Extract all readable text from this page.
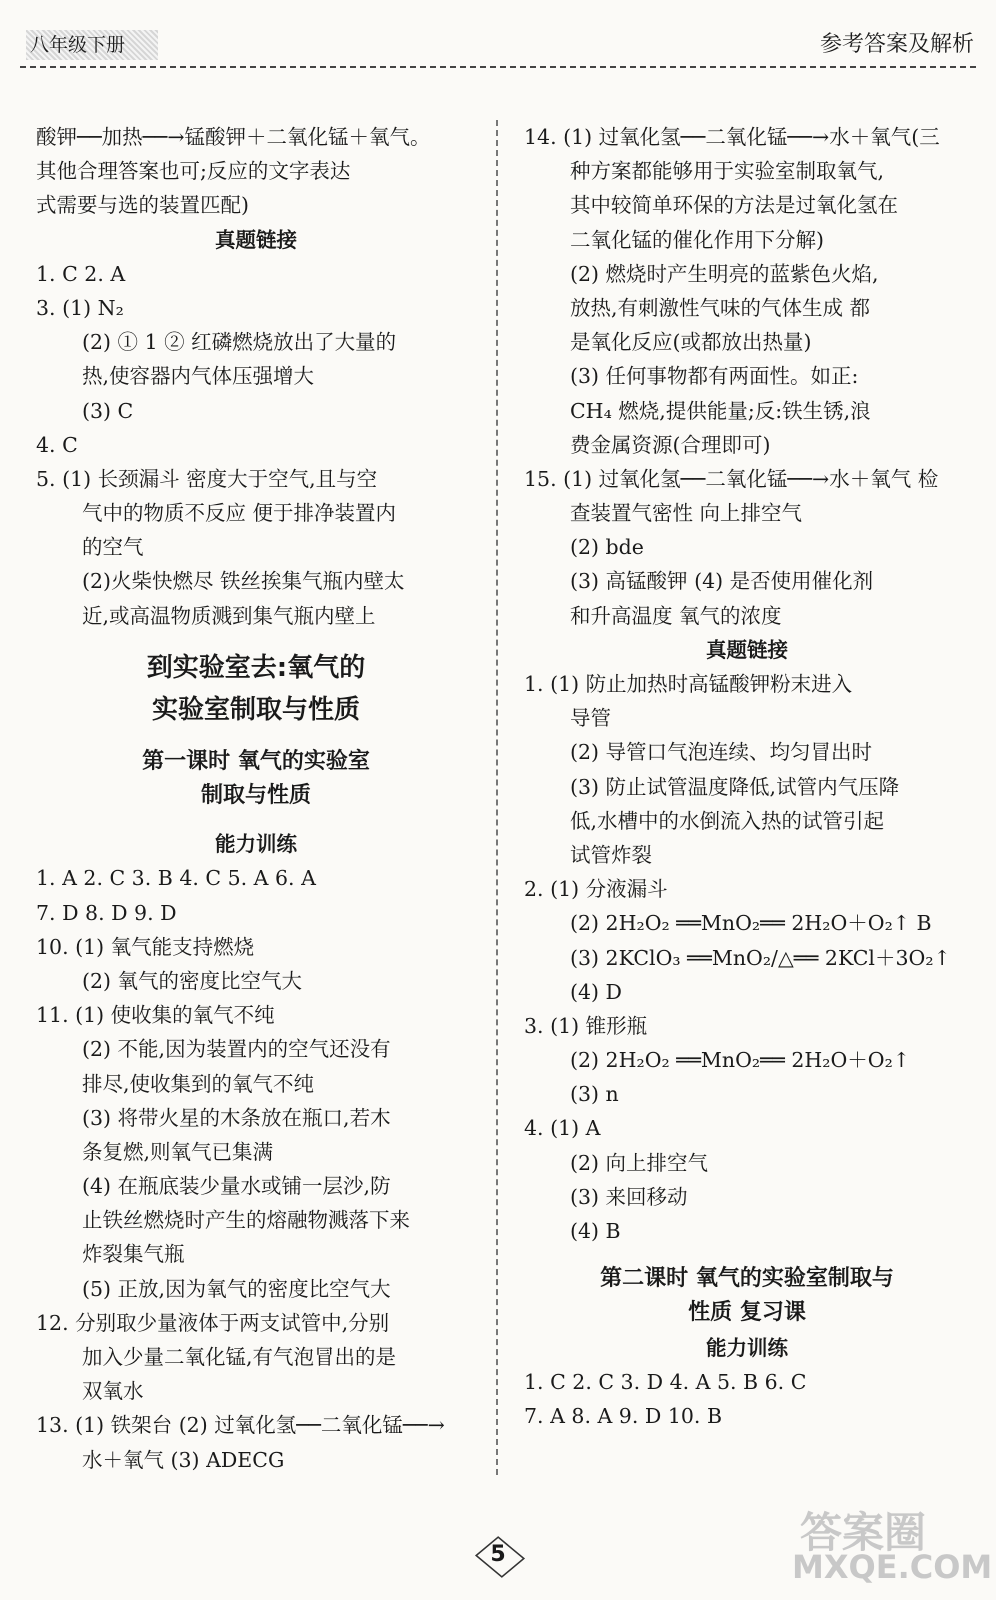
八年级下册	参考答案及解析
酸钾──加热──→锰酸钾＋二氧化锰＋氧气。
其他合理答案也可;反应的文字表达
式需要与选的装置匹配)
真题链接
1. C 2. A
3. (1) N₂
(2) ① 1 ② 红磷燃烧放出了大量的
热,使容器内气体压强增大
(3) C
4. C
5. (1) 长颈漏斗 密度大于空气,且与空
气中的物质不反应 便于排净装置内
的空气
(2)火柴快燃尽 铁丝挨集气瓶内壁太
近,或高温物质溅到集气瓶内壁上
到实验室去:氧气的
实验室制取与性质
第一课时 氧气的实验室
制取与性质
能力训练
1. A 2. C 3. B 4. C 5. A 6. A
7. D 8. D 9. D
10. (1) 氧气能支持燃烧
(2) 氧气的密度比空气大
11. (1) 使收集的氧气不纯
(2) 不能,因为装置内的空气还没有
排尽,使收集到的氧气不纯
(3) 将带火星的木条放在瓶口,若木
条复燃,则氧气已集满
(4) 在瓶底装少量水或铺一层沙,防
止铁丝燃烧时产生的熔融物溅落下来
炸裂集气瓶
(5) 正放,因为氧气的密度比空气大
12. 分别取少量液体于两支试管中,分别
加入少量二氧化锰,有气泡冒出的是
双氧水
13. (1) 铁架台 (2) 过氧化氢──二氧化锰──→
水＋氧气 (3) ADECG
14. (1) 过氧化氢──二氧化锰──→水＋氧气(三
种方案都能够用于实验室制取氧气,
其中较简单环保的方法是过氧化氢在
二氧化锰的催化作用下分解)
(2) 燃烧时产生明亮的蓝紫色火焰,
放热,有刺激性气味的气体生成 都
是氧化反应(或都放出热量)
(3) 任何事物都有两面性。如正:
CH₄ 燃烧,提供能量;反:铁生锈,浪
费金属资源(合理即可)
15. (1) 过氧化氢──二氧化锰──→水＋氧气 检
查装置气密性 向上排空气
(2) bde
(3) 高锰酸钾 (4) 是否使用催化剂
和升高温度 氧气的浓度
真题链接
1. (1) 防止加热时高锰酸钾粉末进入
导管
(2) 导管口气泡连续、均匀冒出时
(3) 防止试管温度降低,试管内气压降
低,水槽中的水倒流入热的试管引起
试管炸裂
2. (1) 分液漏斗
(2) 2H₂O₂ ══MnO₂══ 2H₂O＋O₂↑ B
(3) 2KClO₃ ══MnO₂/△══ 2KCl＋3O₂↑
(4) D
3. (1) 锥形瓶
(2) 2H₂O₂ ══MnO₂══ 2H₂O＋O₂↑
(3) n
4. (1) A
(2) 向上排空气
(3) 来回移动
(4) B
第二课时 氧气的实验室制取与
性质 复习课
能力训练
1. C 2. C 3. D 4. A 5. B 6. C
7. A 8. A 9. D 10. B
5	答案圈
MXQE.COM
